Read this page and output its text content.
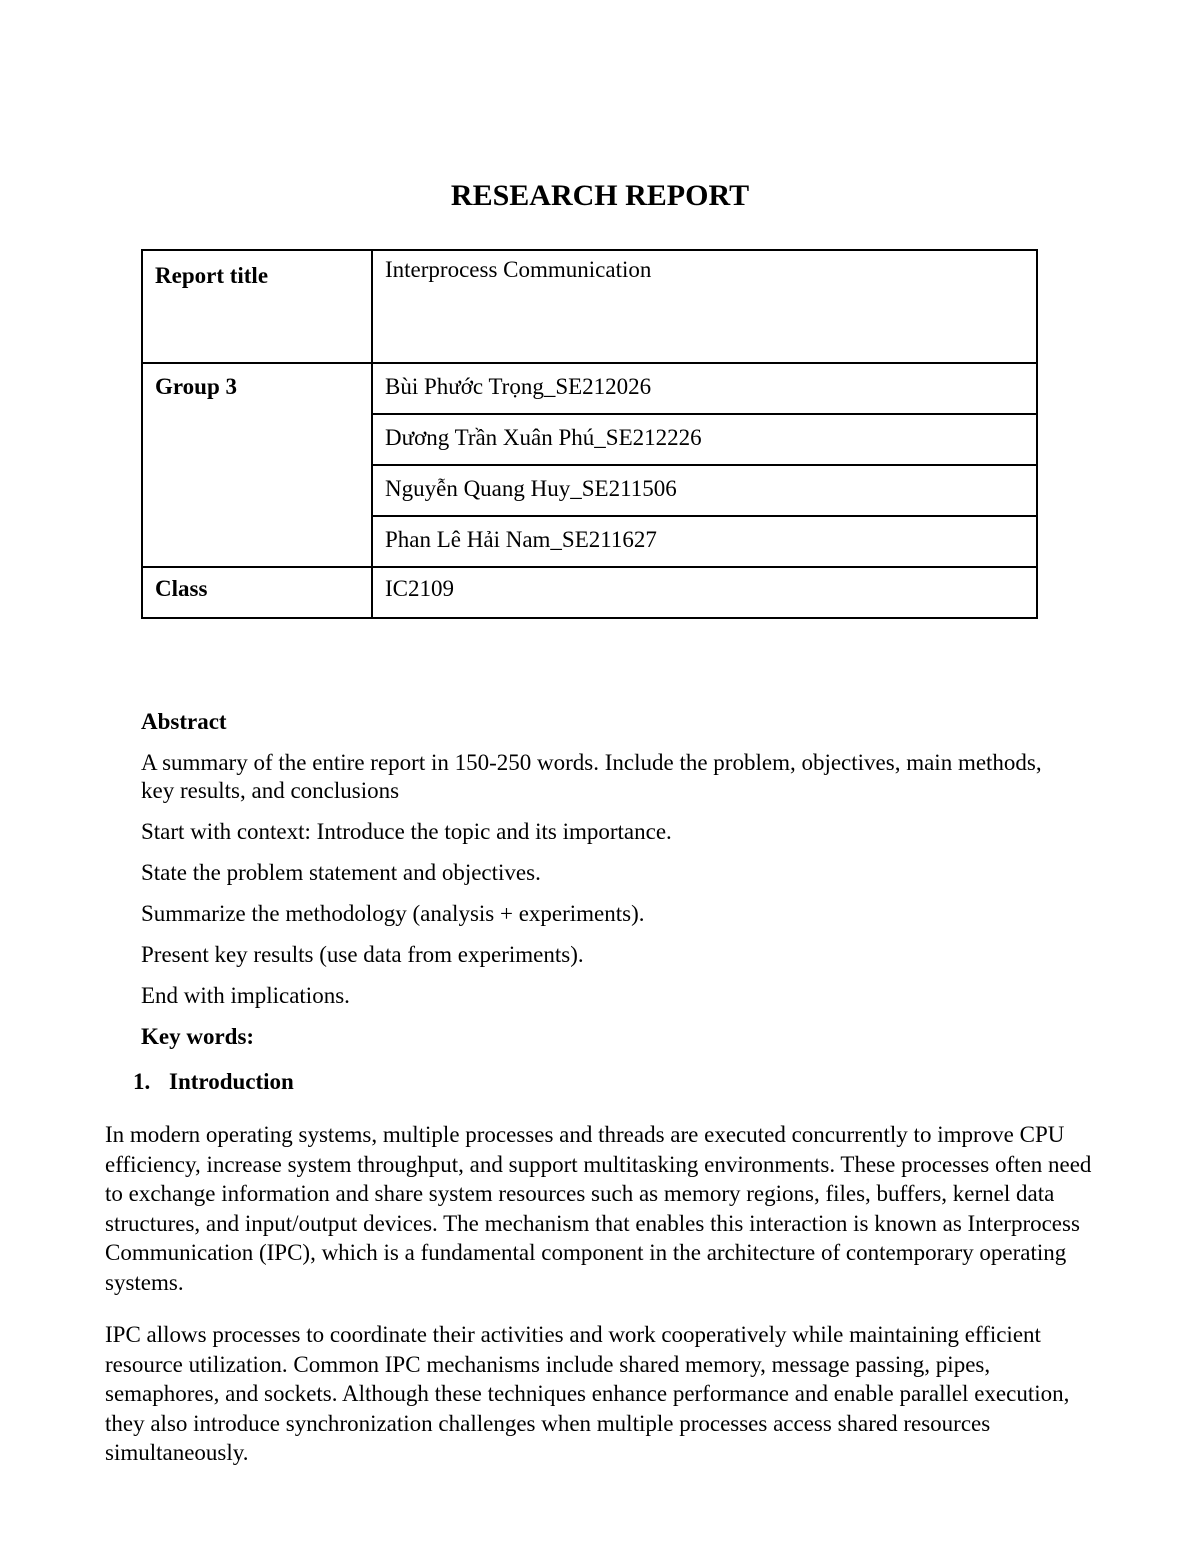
RESEARCH REPORT
Report title	Interprocess Communication
Group 3	Bùi Phước Trọng_SE212026
	Dương Trần Xuân Phú_SE212226
	Nguyễn Quang Huy_SE211506
	Phan Lê Hải Nam_SE211627
Class	IC2109
Abstract

A summary of the entire report in 150-250 words. Include the problem, objectives, main methods, key results, and conclusions

Start with context: Introduce the topic and its importance.

State the problem statement and objectives.

Summarize the methodology (analysis + experiments).

Present key results (use data from experiments).

End with implications.

Key words:
1. Introduction

In modern operating systems, multiple processes and threads are executed concurrently to improve CPU efficiency, increase system throughput, and support multitasking environments. These processes often need to exchange information and share system resources such as memory regions, files, buffers, kernel data structures, and input/output devices. The mechanism that enables this interaction is known as Interprocess Communication (IPC), which is a fundamental component in the architecture of contemporary operating systems.

IPC allows processes to coordinate their activities and work cooperatively while maintaining efficient resource utilization. Common IPC mechanisms include shared memory, message passing, pipes, semaphores, and sockets. Although these techniques enhance performance and enable parallel execution, they also introduce synchronization challenges when multiple processes access shared resources simultaneously.
